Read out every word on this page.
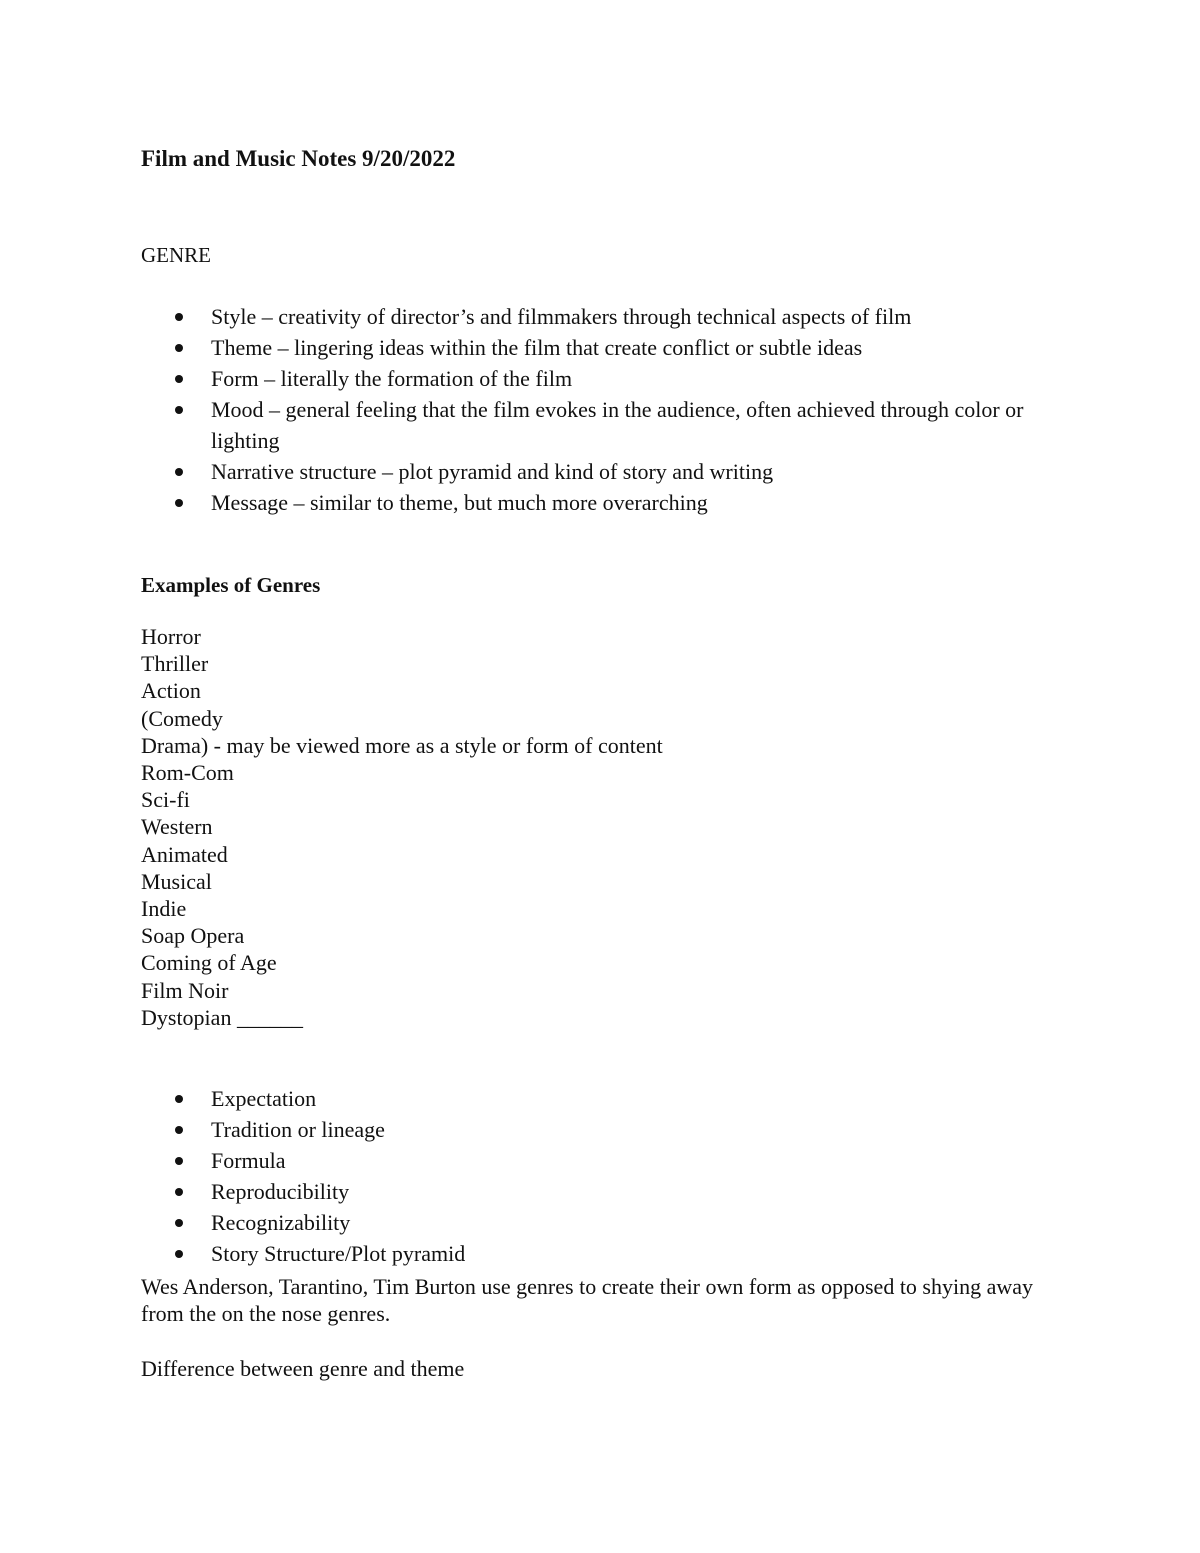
Film and Music Notes 9/20/2022
GENRE
Style – creativity of director’s and filmmakers through technical aspects of film
Theme – lingering ideas within the film that create conflict or subtle ideas
Form – literally the formation of the film
Mood – general feeling that the film evokes in the audience, often achieved through color or lighting
Narrative structure – plot pyramid and kind of story and writing
Message – similar to theme, but much more overarching
Examples of Genres
Horror
Thriller
Action
(Comedy
Drama) - may be viewed more as a style or form of content
Rom-Com
Sci-fi
Western
Animated
Musical
Indie
Soap Opera
Coming of Age
Film Noir
Dystopian ______
Expectation
Tradition or lineage
Formula
Reproducibility
Recognizability
Story Structure/Plot pyramid

Wes Anderson, Tarantino, Tim Burton use genres to create their own form as opposed to shying away from the on the nose genres.

Difference between genre and theme
